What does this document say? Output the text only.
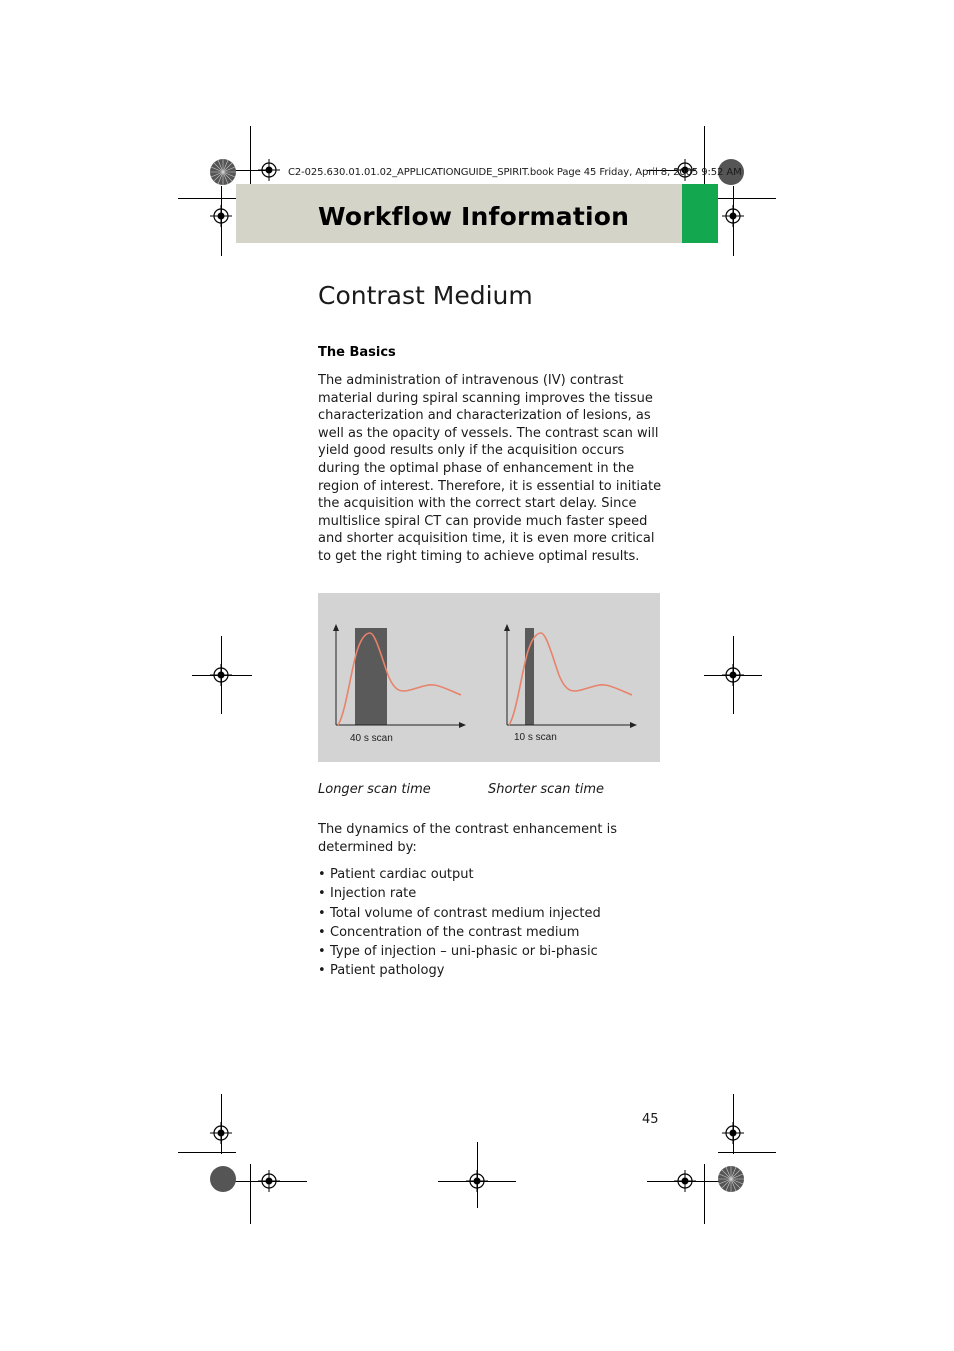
C2-025.630.01.01.02_APPLICATIONGUIDE_SPIRIT.book Page 45 Friday, April 8, 2005 9:52 AM
Workflow Information
Contrast Medium
The Basics
The administration of intravenous (IV) contrast material during spiral scanning improves the tissue characterization and characterization of lesions, as well as the opacity of vessels. The contrast scan will yield good results only if the acquisition occurs during the optimal phase of enhancement in the region of interest. Therefore, it is essential to initiate the acquisition with the correct start delay. Since multislice spiral CT can provide much faster speed and shorter acquisition time, it is even more critical to get the right timing to achieve optimal results.
40 s scan	10 s scan
Longer scan time	Shorter scan time
The dynamics of the contrast enhancement is determined by:
• Patient cardiac output
• Injection rate
• Total volume of contrast medium injected
• Concentration of the contrast medium
• Type of injection – uni-phasic or bi-phasic
• Patient pathology
45
